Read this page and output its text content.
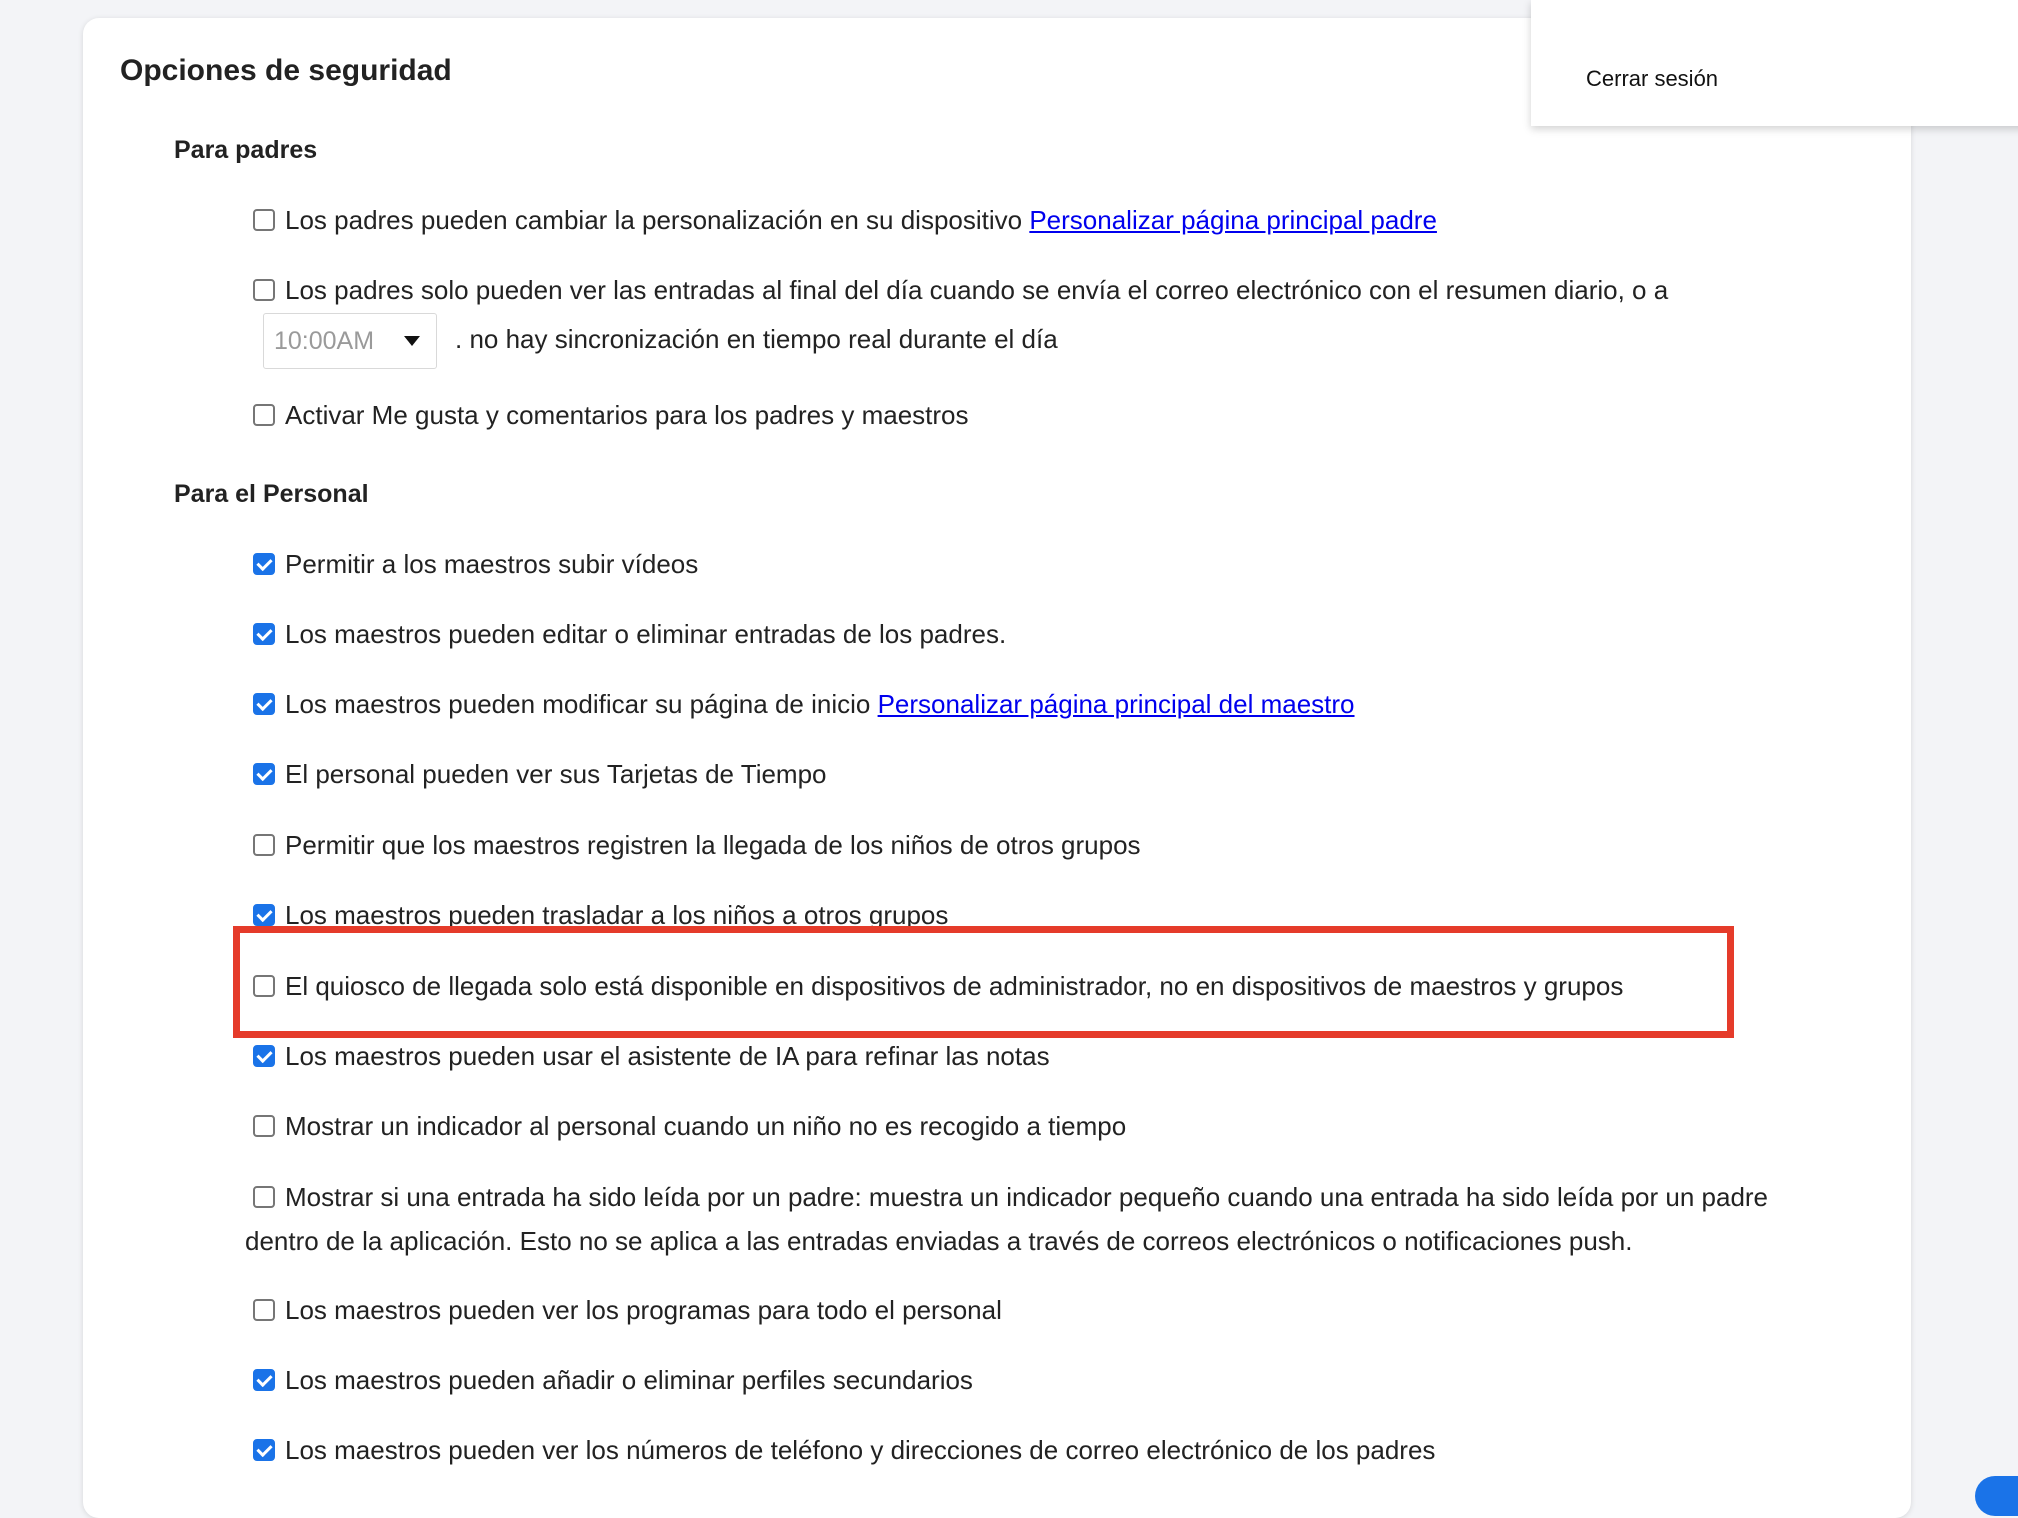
Opciones de seguridad
Para padres
Los padres pueden cambiar la personalización en su dispositivo Personalizar página principal padre
Los padres solo pueden ver las entradas al final del día cuando se envía el correo electrónico con el resumen diario, o a
10:00AM	. no hay sincronización en tiempo real durante el día
Activar Me gusta y comentarios para los padres y maestros
Para el Personal
Permitir a los maestros subir vídeos
Los maestros pueden editar o eliminar entradas de los padres.
Los maestros pueden modificar su página de inicio Personalizar página principal del maestro
El personal pueden ver sus Tarjetas de Tiempo
Permitir que los maestros registren la llegada de los niños de otros grupos
Los maestros pueden trasladar a los niños a otros grupos
El quiosco de llegada solo está disponible en dispositivos de administrador, no en dispositivos de maestros y grupos
Los maestros pueden usar el asistente de IA para refinar las notas
Mostrar un indicador al personal cuando un niño no es recogido a tiempo
Mostrar si una entrada ha sido leída por un padre: muestra un indicador pequeño cuando una entrada ha sido leída por un padre dentro de la aplicación. Esto no se aplica a las entradas enviadas a través de correos electrónicos o notificaciones push.
Los maestros pueden ver los programas para todo el personal
Los maestros pueden añadir o eliminar perfiles secundarios
Los maestros pueden ver los números de teléfono y direcciones de correo electrónico de los padres
Cerrar sesión
